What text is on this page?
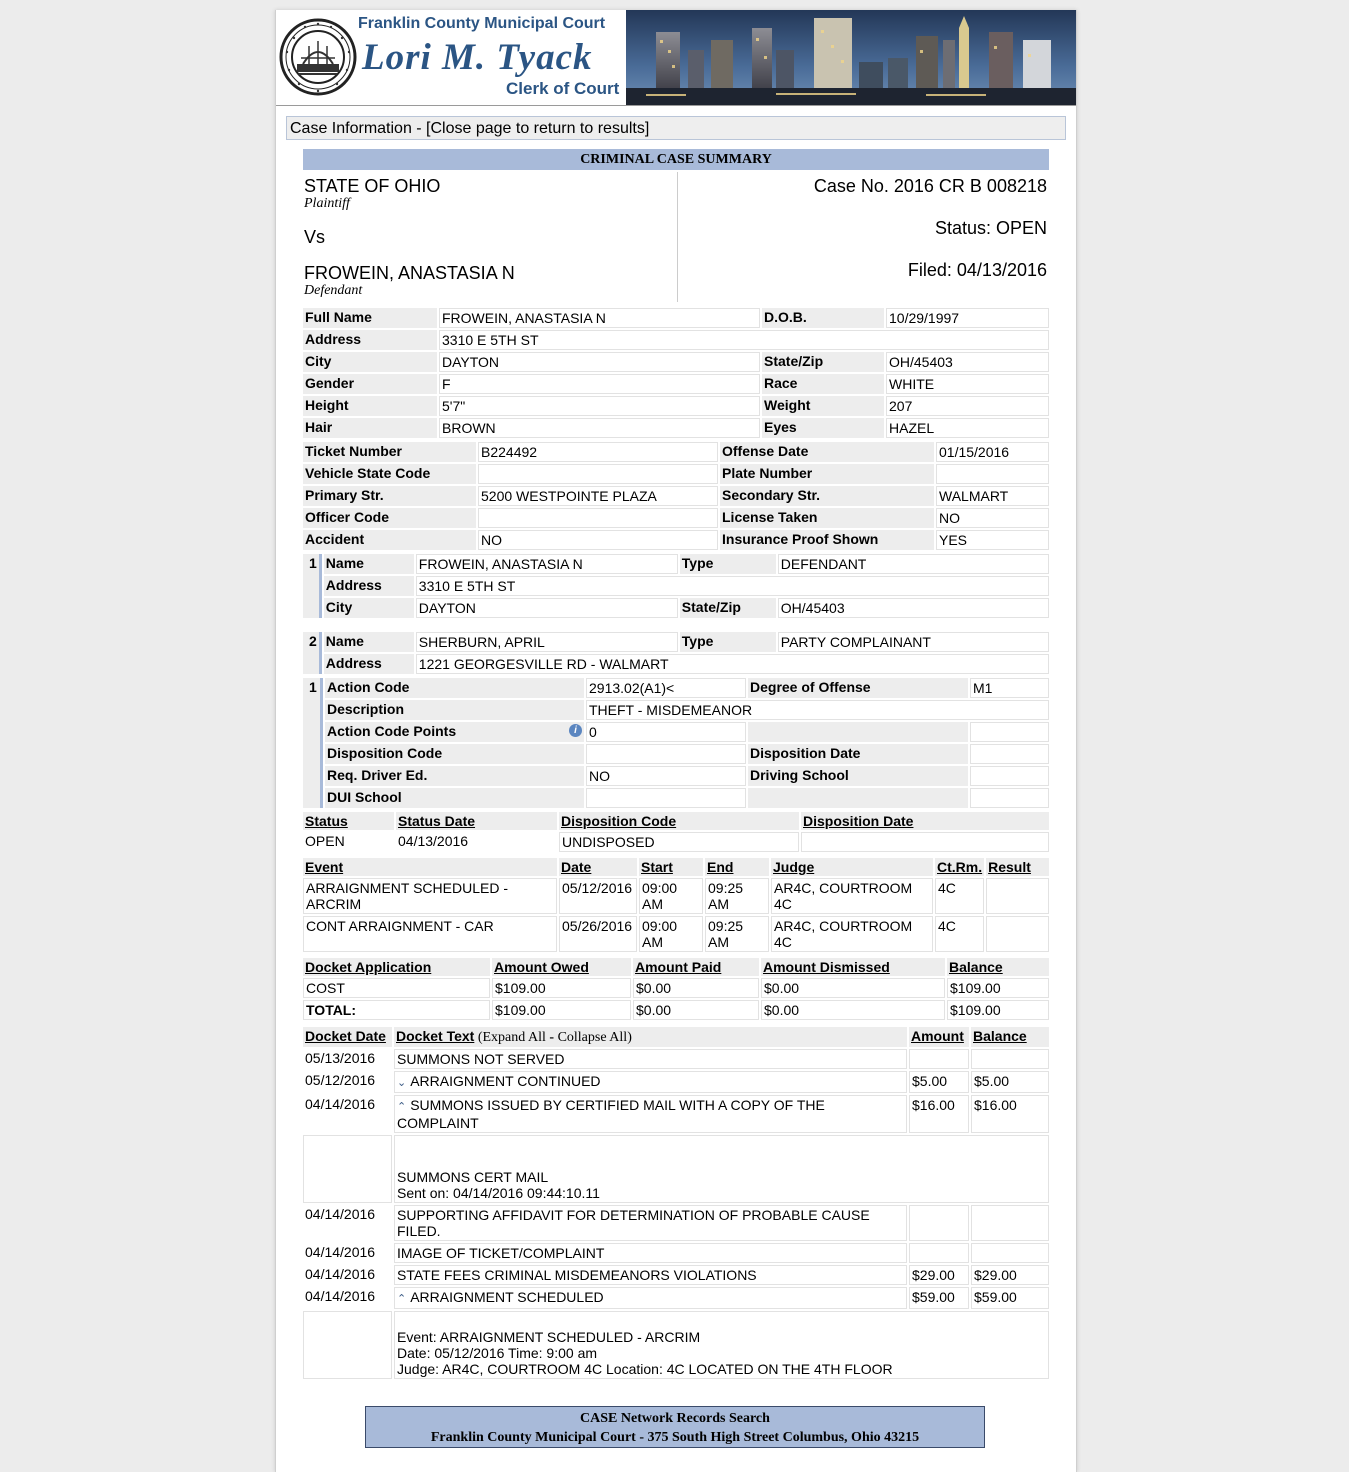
Franklin County Municipal Court
Lori M. Tyack
Clerk of Court
Case Information - [Close page to return to results]
CRIMINAL CASE SUMMARY
STATE OF OHIO
Plaintiff
Vs
FROWEIN, ANASTASIA N
Defendant
Case No. 2016 CR B 008218
Status: OPEN
Filed: 04/13/2016
Full Name	FROWEIN, ANASTASIA N	D.O.B.	10/29/1997
Address	3310 E 5TH ST		
City	DAYTON	State/Zip	OH/45403
Gender	F	Race	WHITE
Height	5'7"	Weight	207
Hair	BROWN	Eyes	HAZEL
Ticket Number	B224492	Offense Date	01/15/2016
Vehicle State Code		Plate Number	
Primary Str.	5200 WESTPOINTE PLAZA	Secondary Str.	WALMART
Officer Code		License Taken	NO
Accident	NO	Insurance Proof Shown	YES
1	Name	FROWEIN, ANASTASIA N	Type	DEFENDANT
	Address	3310 E 5TH ST		
	City	DAYTON	State/Zip	OH/45403
2	Name	SHERBURN, APRIL	Type	PARTY COMPLAINANT
	Address	1221 GEORGESVILLE RD - WALMART		
1	Action Code	2913.02(A1)<	Degree of Offense	M1
	Description	THEFT - MISDEMEANOR		
	Action Code Points i	0		
	Disposition Code		Disposition Date	
	Req. Driver Ed.	NO	Driving School	
	DUI School			
Status	Status Date	Disposition Code	Disposition Date
OPEN	04/13/2016	UNDISPOSED	
Event	Date	Start	End	Judge	Ct.Rm.	Result
ARRAIGNMENT SCHEDULED - ARCRIM	05/12/2016	09:00 AM	09:25 AM	AR4C, COURTROOM 4C	4C	
CONT ARRAIGNMENT - CAR	05/26/2016	09:00 AM	09:25 AM	AR4C, COURTROOM 4C	4C	
Docket Application	Amount Owed	Amount Paid	Amount Dismissed	Balance
COST	$109.00	$0.00	$0.00	$109.00
TOTAL:	$109.00	$0.00	$0.00	$109.00
Docket Date	Docket Text (Expand All - Collapse All)	Amount	Balance
05/13/2016	SUMMONS NOT SERVED		
05/12/2016	⌄ ARRAIGNMENT CONTINUED	$5.00	$5.00
04/14/2016	⌃ SUMMONS ISSUED BY CERTIFIED MAIL WITH A COPY OF THE COMPLAINT	$16.00	$16.00

	SUMMONS CERT MAIL
Sent on: 04/14/2016 09:44:10.11		

04/14/2016	SUPPORTING AFFIDAVIT FOR DETERMINATION OF PROBABLE CAUSE FILED.		
04/14/2016	IMAGE OF TICKET/COMPLAINT		
04/14/2016	STATE FEES CRIMINAL MISDEMEANORS VIOLATIONS	$29.00	$29.00
04/14/2016	⌃ ARRAIGNMENT SCHEDULED	$59.00	$59.00

	Event: ARRAIGNMENT SCHEDULED - ARCRIM
Date: 05/12/2016 Time: 9:00 am
Judge: AR4C, COURTROOM 4C Location: 4C LOCATED ON THE 4TH FLOOR		
CASE Network Records Search
Franklin County Municipal Court - 375 South High Street Columbus, Ohio 43215
